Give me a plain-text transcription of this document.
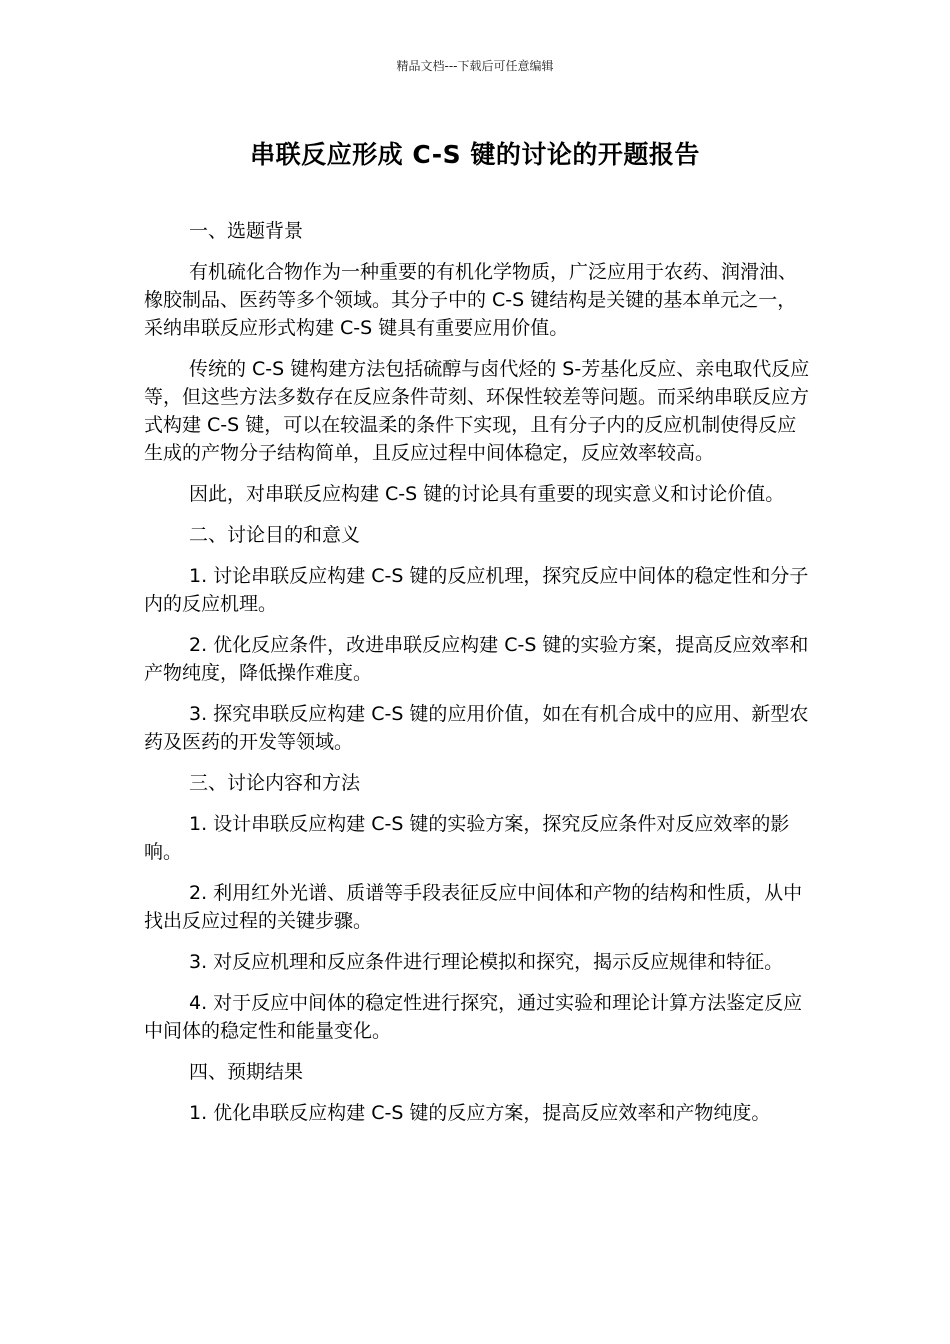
精品文档---下载后可任意编辑
串联反应形成 C-S 键的讨论的开题报告

一、选题背景

有机硫化合物作为一种重要的有机化学物质，广泛应用于农药、润滑油、橡胶制品、医药等多个领域。其分子中的 C-S 键结构是关键的基本单元之一，采纳串联反应形式构建 C-S 键具有重要应用价值。

传统的 C-S 键构建方法包括硫醇与卤代烃的 S-芳基化反应、亲电取代反应等，但这些方法多数存在反应条件苛刻、环保性较差等问题。而采纳串联反应方式构建 C-S 键，可以在较温柔的条件下实现，且有分子内的反应机制使得反应生成的产物分子结构简单，且反应过程中间体稳定，反应效率较高。

因此，对串联反应构建 C-S 键的讨论具有重要的现实意义和讨论价值。

二、讨论目的和意义

1. 讨论串联反应构建 C-S 键的反应机理，探究反应中间体的稳定性和分子内的反应机理。

2. 优化反应条件，改进串联反应构建 C-S 键的实验方案，提高反应效率和产物纯度，降低操作难度。

3. 探究串联反应构建 C-S 键的应用价值，如在有机合成中的应用、新型农药及医药的开发等领域。

三、讨论内容和方法

1. 设计串联反应构建 C-S 键的实验方案，探究反应条件对反应效率的影响。

2. 利用红外光谱、质谱等手段表征反应中间体和产物的结构和性质，从中找出反应过程的关键步骤。

3. 对反应机理和反应条件进行理论模拟和探究，揭示反应规律和特征。

4. 对于反应中间体的稳定性进行探究，通过实验和理论计算方法鉴定反应中间体的稳定性和能量变化。

四、预期结果

1. 优化串联反应构建 C-S 键的反应方案，提高反应效率和产物纯度。
